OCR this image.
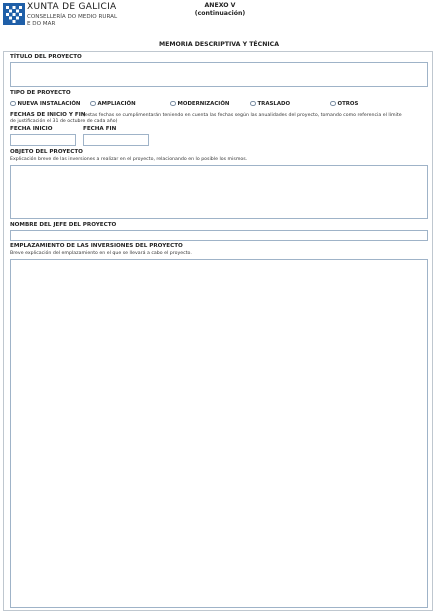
XUNTA DE GALICIA
CONSELLERÍA DO MEDIO RURAL
E DO MAR
ANEXO V
(continuación)
MEMORIA DESCRIPTIVA Y TÉCNICA
TÍTULO DEL PROYECTO
TIPO DE PROYECTO
NUEVA INSTALACIÓN	AMPLIACIÓN	MODERNIZACIÓN	TRASLADO	OTROS
FECHAS DE INICIO Y FIN
(estas fechas se cumplimentarán teniendo en cuenta las fechas según las anualidades del proyecto, tomando como referencia el límite
de justificación el 31 de octubre de cada año)
FECHA INICIO	FECHA FIN
OBJETO DEL PROYECTO
Explicación breve de las inversiones a realizar en el proyecto, relacionando en lo posible los mismos.
NOMBRE DEL JEFE DEL PROYECTO
EMPLAZAMIENTO DE LAS INVERSIONES DEL PROYECTO
Breve explicación del emplazamiento en el que se llevará a cabo el proyecto.
